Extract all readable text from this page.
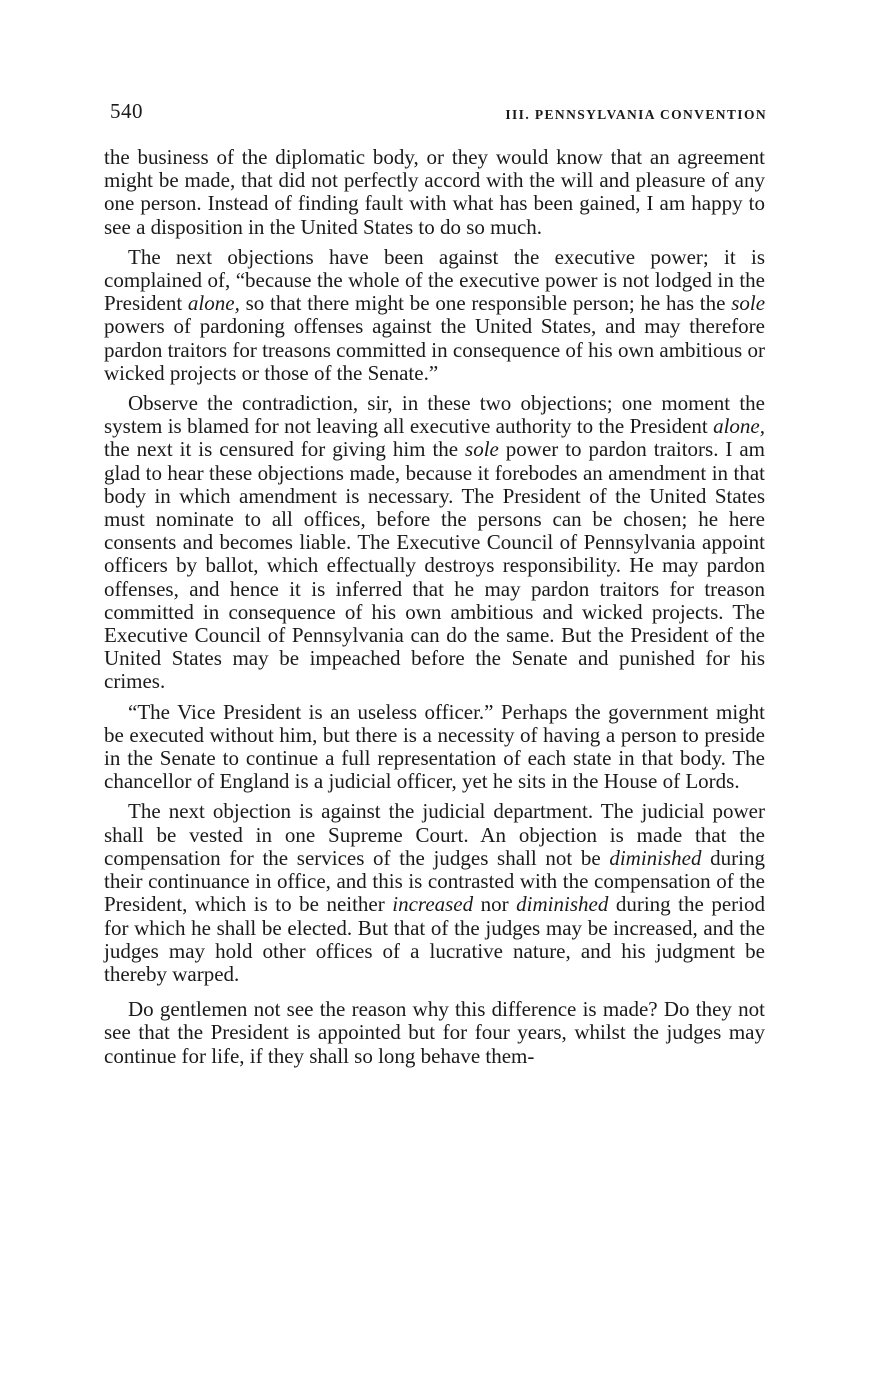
540	III. PENNSYLVANIA CONVENTION

the business of the diplomatic body, or they would know that an agreement might be made, that did not perfectly accord with the will and pleasure of any one person. Instead of finding fault with what has been gained, I am happy to see a disposition in the United States to do so much.

The next objections have been against the executive power; it is complained of, “because the whole of the executive power is not lodged in the President alone, so that there might be one responsible person; he has the sole powers of pardoning offenses against the United States, and may therefore pardon traitors for treasons committed in consequence of his own ambitious or wicked projects or those of the Senate.”

Observe the contradiction, sir, in these two objections; one moment the system is blamed for not leaving all executive authority to the President alone, the next it is censured for giving him the sole power to pardon traitors. I am glad to hear these objections made, because it forebodes an amendment in that body in which amendment is necessary. The President of the United States must nominate to all offices, before the persons can be chosen; he here consents and becomes liable. The Executive Council of Pennsylvania appoint officers by ballot, which effectually destroys responsibility. He may pardon offenses, and hence it is inferred that he may pardon traitors for treason committed in consequence of his own ambitious and wicked projects. The Executive Council of Pennsylvania can do the same. But the President of the United States may be impeached before the Senate and punished for his crimes.

“The Vice President is an useless officer.” Perhaps the government might be executed without him, but there is a necessity of having a person to preside in the Senate to continue a full representation of each state in that body. The chancellor of England is a judicial officer, yet he sits in the House of Lords.

The next objection is against the judicial department. The judicial power shall be vested in one Supreme Court. An objection is made that the compensation for the services of the judges shall not be diminished during their continuance in office, and this is contrasted with the compensation of the President, which is to be neither increased nor diminished during the period for which he shall be elected. But that of the judges may be increased, and the judges may hold other offices of a lucrative nature, and his judgment be thereby warped.

Do gentlemen not see the reason why this difference is made? Do they not see that the President is appointed but for four years, whilst the judges may continue for life, if they shall so long behave them-
